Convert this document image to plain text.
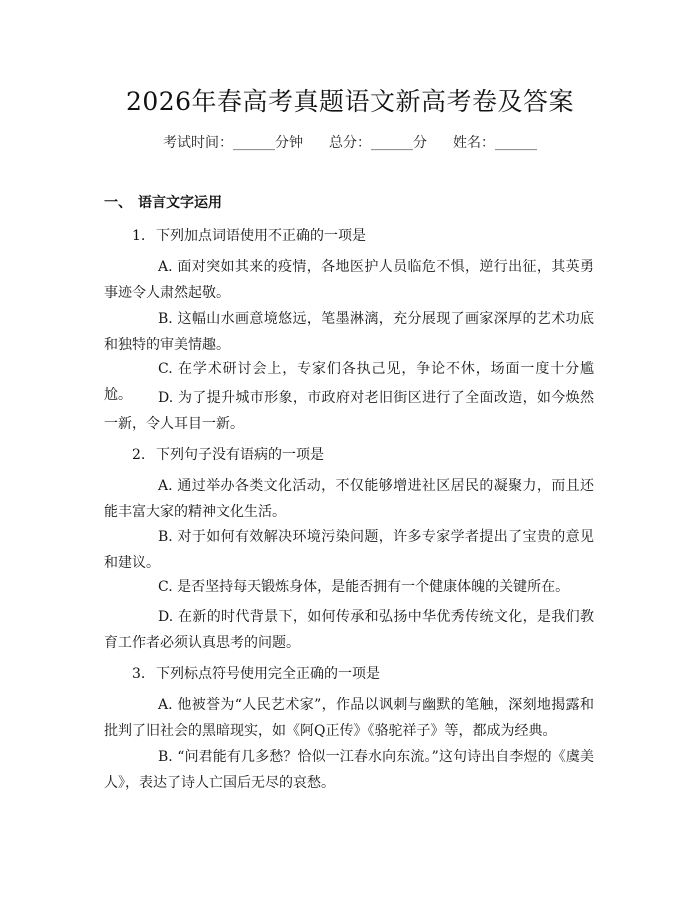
2026年春高考真题语文新高考卷及答案
考试时间：______分钟 总分：______分 姓名：______
一、 语言文字运用
1. 下列加点词语使用不正确的一项是
A. 面对突如其来的疫情，各地医护人员临危不惧，逆行出征，其英勇事迹令人肃然起敬。
B. 这幅山水画意境悠远，笔墨淋漓，充分展现了画家深厚的艺术功底和独特的审美情趣。
C. 在学术研讨会上，专家们各执己见，争论不休，场面一度十分尴尬。	D. 为了提升城市形象，市政府对老旧街区进行了全面改造，如今焕然一新，令人耳目一新。
2. 下列句子没有语病的一项是
A. 通过举办各类文化活动，不仅能够增进社区居民的凝聚力，而且还能丰富大家的精神文化生活。
B. 对于如何有效解决环境污染问题，许多专家学者提出了宝贵的意见和建议。
C. 是否坚持每天锻炼身体，是能否拥有一个健康体魄的关键所在。
D. 在新的时代背景下，如何传承和弘扬中华优秀传统文化，是我们教育工作者必须认真思考的问题。
3. 下列标点符号使用完全正确的一项是
A. 他被誉为“人民艺术家”，作品以讽刺与幽默的笔触，深刻地揭露和批判了旧社会的黑暗现实，如《阿Q正传》《骆驼祥子》等，都成为经典。
B. “问君能有几多愁？恰似一江春水向东流。”这句诗出自李煜的《虞美人》，表达了诗人亡国后无尽的哀愁。
